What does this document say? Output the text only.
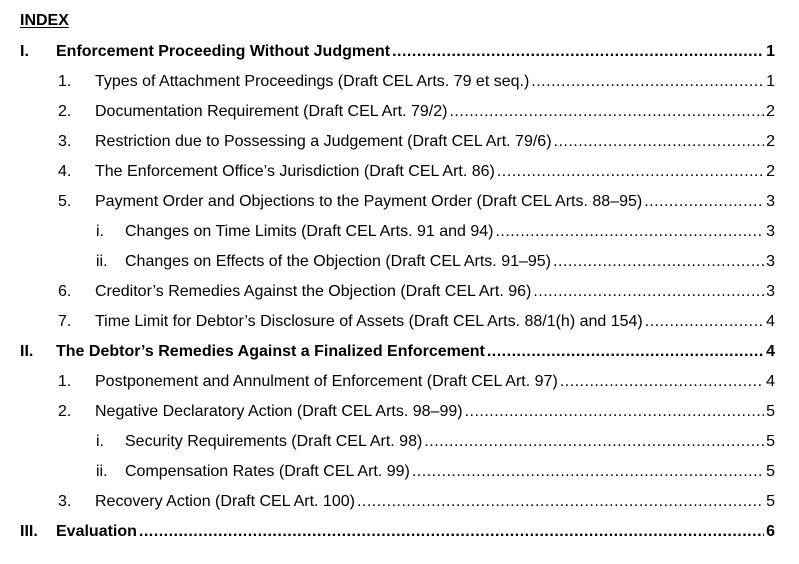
INDEX
I.	Enforcement Proceeding Without Judgment .....	1
1.	Types of Attachment Proceedings (Draft CEL Arts. 79 et seq.) .....	1
2.	Documentation Requirement (Draft CEL Art. 79/2) .....	2
3.	Restriction due to Possessing a Judgement (Draft CEL Art. 79/6) .....	2
4.	The Enforcement Office’s Jurisdiction (Draft CEL Art. 86) .....	2
5.	Payment Order and Objections to the Payment Order (Draft CEL Arts. 88–95) .....	3
i.	Changes on Time Limits (Draft CEL Arts. 91 and 94) .....	3
ii.	Changes on Effects of the Objection (Draft CEL Arts. 91–95) .....	3
6.	Creditor’s Remedies Against the Objection (Draft CEL Art. 96) .....	3
7.	Time Limit for Debtor’s Disclosure of Assets (Draft CEL Arts. 88/1(h) and 154) .....	4
II.	The Debtor’s Remedies Against a Finalized Enforcement .....	4
1.	Postponement and Annulment of Enforcement (Draft CEL Art. 97) .....	4
2.	Negative Declaratory Action (Draft CEL Arts. 98–99) .....	5
i.	Security Requirements (Draft CEL Art. 98) .....	5
ii.	Compensation Rates (Draft CEL Art. 99) .....	5
3.	Recovery Action (Draft CEL Art. 100) .....	5
III.	Evaluation .....	6
